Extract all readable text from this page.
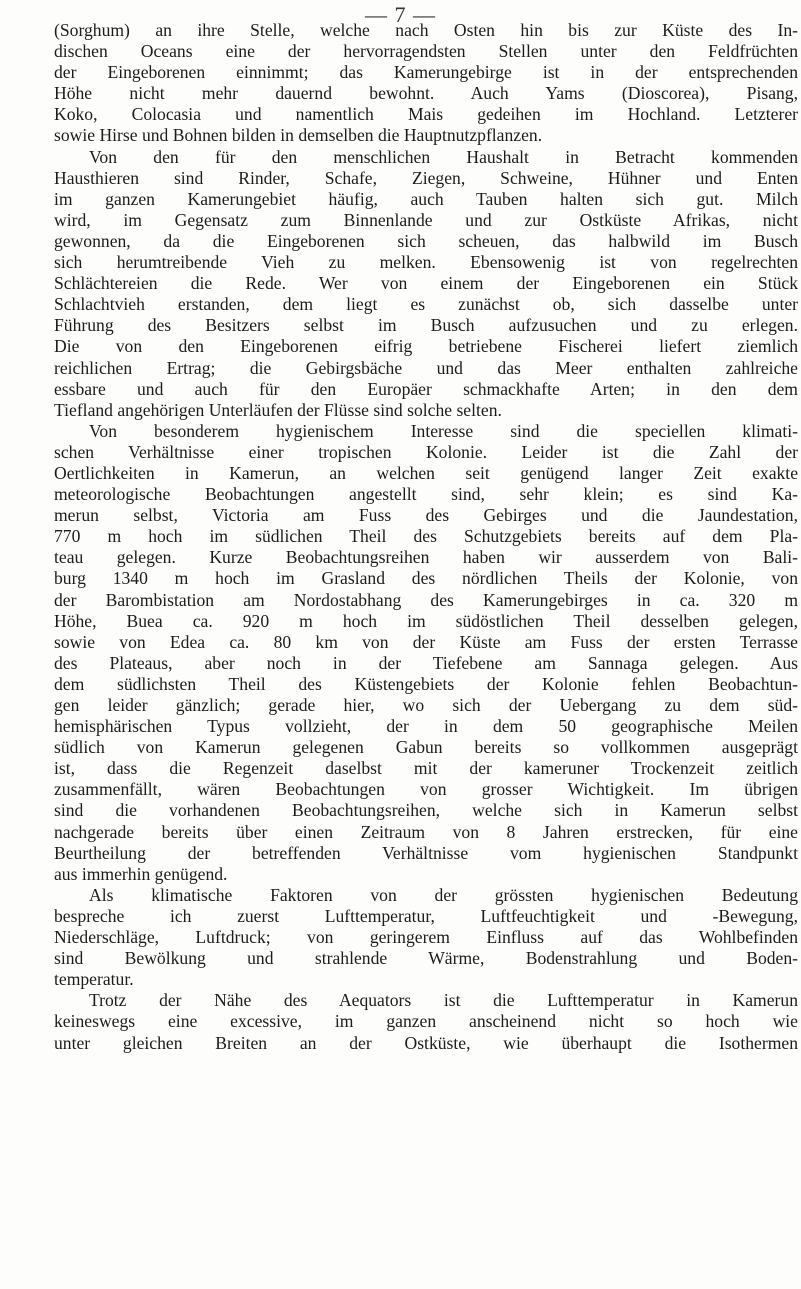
— 7 —
(Sorghum) an ihre Stelle, welche nach Osten hin bis zur Küste des In-
dischen Oceans eine der hervorragendsten Stellen unter den Feldfrüchten
der Eingeborenen einnimmt; das Kamerungebirge ist in der entsprechenden
Höhe nicht mehr dauernd bewohnt. Auch Yams (Dioscorea), Pisang,
Koko, Colocasia und namentlich Mais gedeihen im Hochland. Letzterer
sowie Hirse und Bohnen bilden in demselben die Hauptnutzpflanzen.
Von den für den menschlichen Haushalt in Betracht kommenden
Hausthieren sind Rinder, Schafe, Ziegen, Schweine, Hühner und Enten
im ganzen Kamerungebiet häufig, auch Tauben halten sich gut. Milch
wird, im Gegensatz zum Binnenlande und zur Ostküste Afrikas, nicht
gewonnen, da die Eingeborenen sich scheuen, das halbwild im Busch
sich herumtreibende Vieh zu melken. Ebensowenig ist von regelrechten
Schlächtereien die Rede. Wer von einem der Eingeborenen ein Stück
Schlachtvieh erstanden, dem liegt es zunächst ob, sich dasselbe unter
Führung des Besitzers selbst im Busch aufzusuchen und zu erlegen.
Die von den Eingeborenen eifrig betriebene Fischerei liefert ziemlich
reichlichen Ertrag; die Gebirgsbäche und das Meer enthalten zahlreiche
essbare und auch für den Europäer schmackhafte Arten; in den dem
Tiefland angehörigen Unterläufen der Flüsse sind solche selten.
Von besonderem hygienischem Interesse sind die speciellen klimati-
schen Verhältnisse einer tropischen Kolonie. Leider ist die Zahl der
Oertlichkeiten in Kamerun, an welchen seit genügend langer Zeit exakte
meteorologische Beobachtungen angestellt sind, sehr klein; es sind Ka-
merun selbst, Victoria am Fuss des Gebirges und die Jaundestation,
770 m hoch im südlichen Theil des Schutzgebiets bereits auf dem Pla-
teau gelegen. Kurze Beobachtungsreihen haben wir ausserdem von Bali-
burg 1340 m hoch im Grasland des nördlichen Theils der Kolonie, von
der Barombistation am Nordostabhang des Kamerungebirges in ca. 320 m
Höhe, Buea ca. 920 m hoch im südöstlichen Theil desselben gelegen,
sowie von Edea ca. 80 km von der Küste am Fuss der ersten Terrasse
des Plateaus, aber noch in der Tiefebene am Sannaga gelegen. Aus
dem südlichsten Theil des Küstengebiets der Kolonie fehlen Beobachtun-
gen leider gänzlich; gerade hier, wo sich der Uebergang zu dem süd-
hemisphärischen Typus vollzieht, der in dem 50 geographische Meilen
südlich von Kamerun gelegenen Gabun bereits so vollkommen ausgeprägt
ist, dass die Regenzeit daselbst mit der kameruner Trockenzeit zeitlich
zusammenfällt, wären Beobachtungen von grosser Wichtigkeit. Im übrigen
sind die vorhandenen Beobachtungsreihen, welche sich in Kamerun selbst
nachgerade bereits über einen Zeitraum von 8 Jahren erstrecken, für eine
Beurtheilung der betreffenden Verhältnisse vom hygienischen Standpunkt
aus immerhin genügend.
Als klimatische Faktoren von der grössten hygienischen Bedeutung
bespreche ich zuerst Lufttemperatur, Luftfeuchtigkeit und -Bewegung,
Niederschläge, Luftdruck; von geringerem Einfluss auf das Wohlbefinden
sind Bewölkung und strahlende Wärme, Bodenstrahlung und Boden-
temperatur.
Trotz der Nähe des Aequators ist die Lufttemperatur in Kamerun
keineswegs eine excessive, im ganzen anscheinend nicht so hoch wie
unter gleichen Breiten an der Ostküste, wie überhaupt die Isothermen
